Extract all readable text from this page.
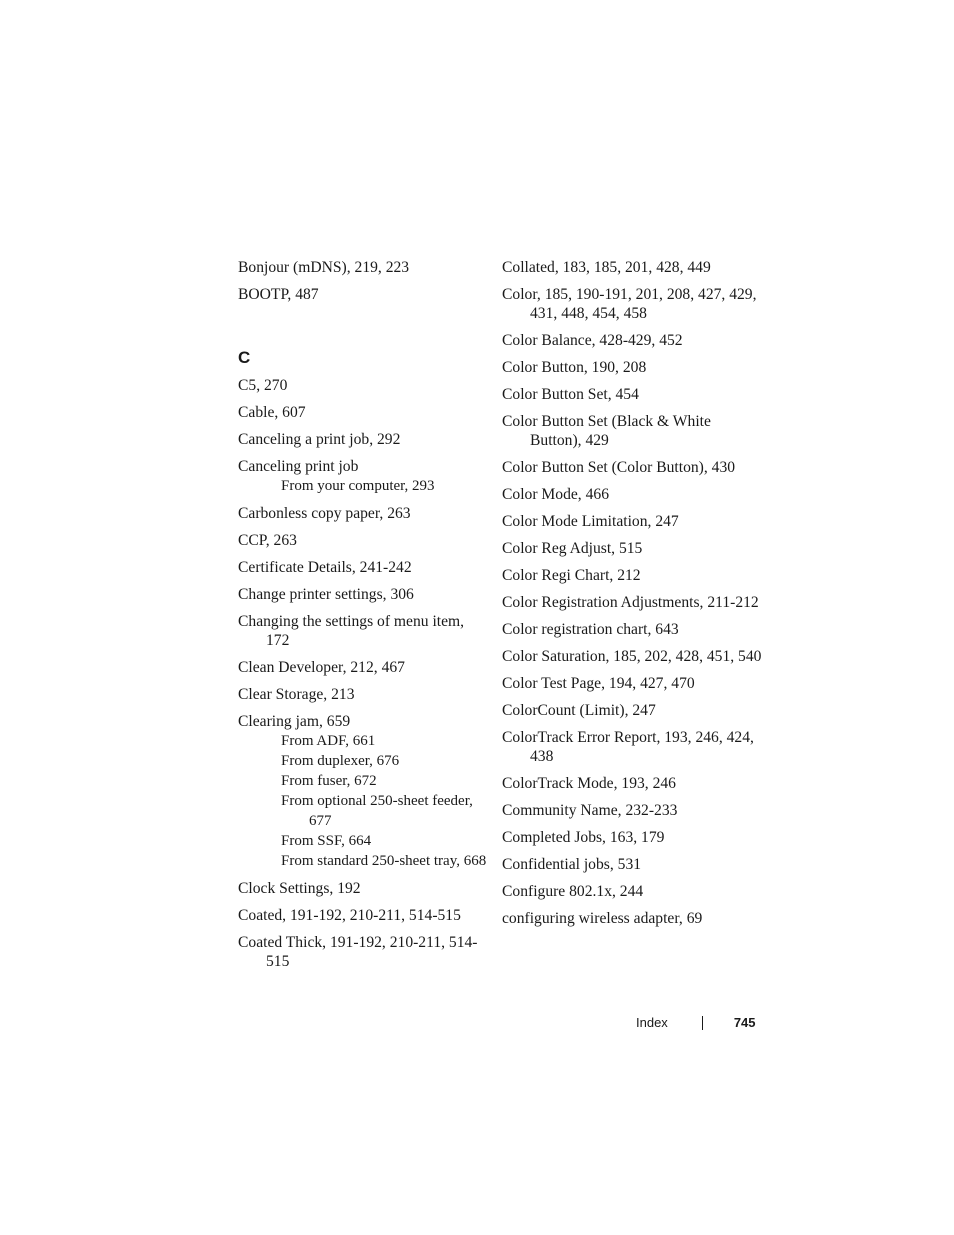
Bonjour (mDNS), 219, 223
BOOTP, 487
C
C5, 270
Cable, 607
Canceling a print job, 292
Canceling print job
From your computer, 293
Carbonless copy paper, 263
CCP, 263
Certificate Details, 241-242
Change printer settings, 306
Changing the settings of menu item, 172
Clean Developer, 212, 467
Clear Storage, 213
Clearing jam, 659
From ADF, 661
From duplexer, 676
From fuser, 672
From optional 250-sheet feeder, 677
From SSF, 664
From standard 250-sheet tray, 668
Clock Settings, 192
Coated, 191-192, 210-211, 514-515
Coated Thick, 191-192, 210-211, 514-515
Collated, 183, 185, 201, 428, 449
Color, 185, 190-191, 201, 208, 427, 429, 431, 448, 454, 458
Color Balance, 428-429, 452
Color Button, 190, 208
Color Button Set, 454
Color Button Set (Black & White Button), 429
Color Button Set (Color Button), 430
Color Mode, 466
Color Mode Limitation, 247
Color Reg Adjust, 515
Color Regi Chart, 212
Color Registration Adjustments, 211-212
Color registration chart, 643
Color Saturation, 185, 202, 428, 451, 540
Color Test Page, 194, 427, 470
ColorCount (Limit), 247
ColorTrack Error Report, 193, 246, 424, 438
ColorTrack Mode, 193, 246
Community Name, 232-233
Completed Jobs, 163, 179
Confidential jobs, 531
Configure 802.1x, 244
configuring wireless adapter, 69
Index	745
